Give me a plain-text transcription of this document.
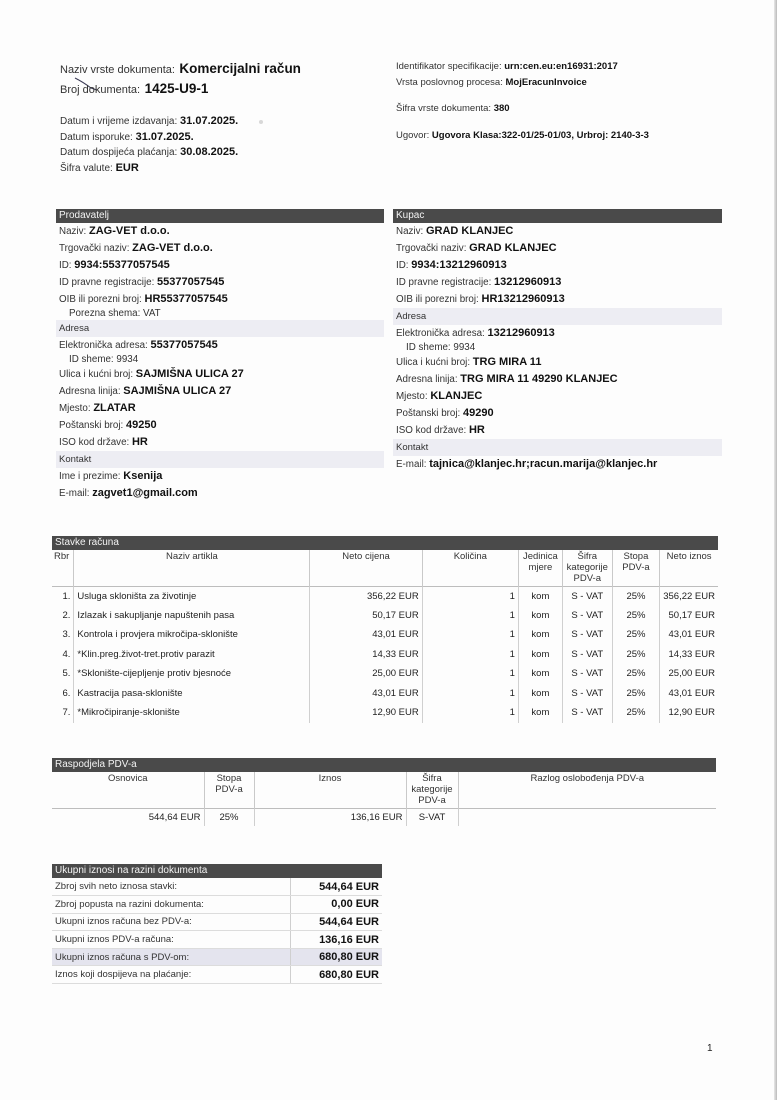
Naziv vrste dokumenta: Komercijalni račun
Broj dokumenta: 1425-U9-1
Datum i vrijeme izdavanja: 31.07.2025.
Datum isporuke: 31.07.2025.
Datum dospijeća plaćanja: 30.08.2025.
Šifra valute: EUR
Identifikator specifikacije: urn:cen.eu:en16931:2017
Vrsta poslovnog procesa: MojEracunInvoice
Šifra vrste dokumenta: 380
Ugovor: Ugovora Klasa:322-01/25-01/03, Urbroj: 2140-3-3
Prodavatelj
Naziv: ZAG-VET d.o.o.
Trgovački naziv: ZAG-VET d.o.o.
ID: 9934:55377057545
ID pravne registracije: 55377057545
OIB ili porezni broj: HR55377057545
Porezna shema: VAT
Adresa
Elektronička adresa: 55377057545
ID sheme: 9934
Ulica i kućni broj: SAJMIŠNA ULICA 27
Adresna linija: SAJMIŠNA ULICA 27
Mjesto: ZLATAR
Poštanski broj: 49250
ISO kod države: HR
Kontakt
Ime i prezime: Ksenija
E-mail: zagvet1@gmail.com
Kupac
Naziv: GRAD KLANJEC
Trgovački naziv: GRAD KLANJEC
ID: 9934:13212960913
ID pravne registracije: 13212960913
OIB ili porezni broj: HR13212960913
Adresa
Elektronička adresa: 13212960913
ID sheme: 9934
Ulica i kućni broj: TRG MIRA 11
Adresna linija: TRG MIRA 11 49290 KLANJEC
Mjesto: KLANJEC
Poštanski broj: 49290
ISO kod države: HR
Kontakt
E-mail: tajnica@klanjec.hr;racun.marija@klanjec.hr
Stavke računa
Rbr	Naziv artikla	Neto cijena	Količina	Jedinica mjere	Šifra kategorije PDV-a	Stopa PDV-a	Neto iznos
1.	Usluga skloništa za životinje	356,22 EUR	1	kom	S - VAT	25%	356,22 EUR
2.	Izlazak i sakupljanje napuštenih pasa	50,17 EUR	1	kom	S - VAT	25%	50,17 EUR
3.	Kontrola i provjera mikročipa-sklonište	43,01 EUR	1	kom	S - VAT	25%	43,01 EUR
4.	*Klin.preg.život-tret.protiv parazit	14,33 EUR	1	kom	S - VAT	25%	14,33 EUR
5.	*Sklonište-cijepljenje protiv bjesnoće	25,00 EUR	1	kom	S - VAT	25%	25,00 EUR
6.	Kastracija pasa-sklonište	43,01 EUR	1	kom	S - VAT	25%	43,01 EUR
7.	*Mikročipiranje-sklonište	12,90 EUR	1	kom	S - VAT	25%	12,90 EUR
Raspodjela PDV-a
Osnovica	Stopa PDV-a	Iznos	Šifra kategorije PDV-a	Razlog oslobođenja PDV-a
544,64 EUR	25%	136,16 EUR	S-VAT	
Ukupni iznosi na razini dokumenta
Zbroj svih neto iznosa stavki:	544,64 EUR
Zbroj popusta na razini dokumenta:	0,00 EUR
Ukupni iznos računa bez PDV-a:	544,64 EUR
Ukupni iznos PDV-a računa:	136,16 EUR
Ukupni iznos računa s PDV-om:	680,80 EUR
Iznos koji dospijeva na plaćanje:	680,80 EUR
1
